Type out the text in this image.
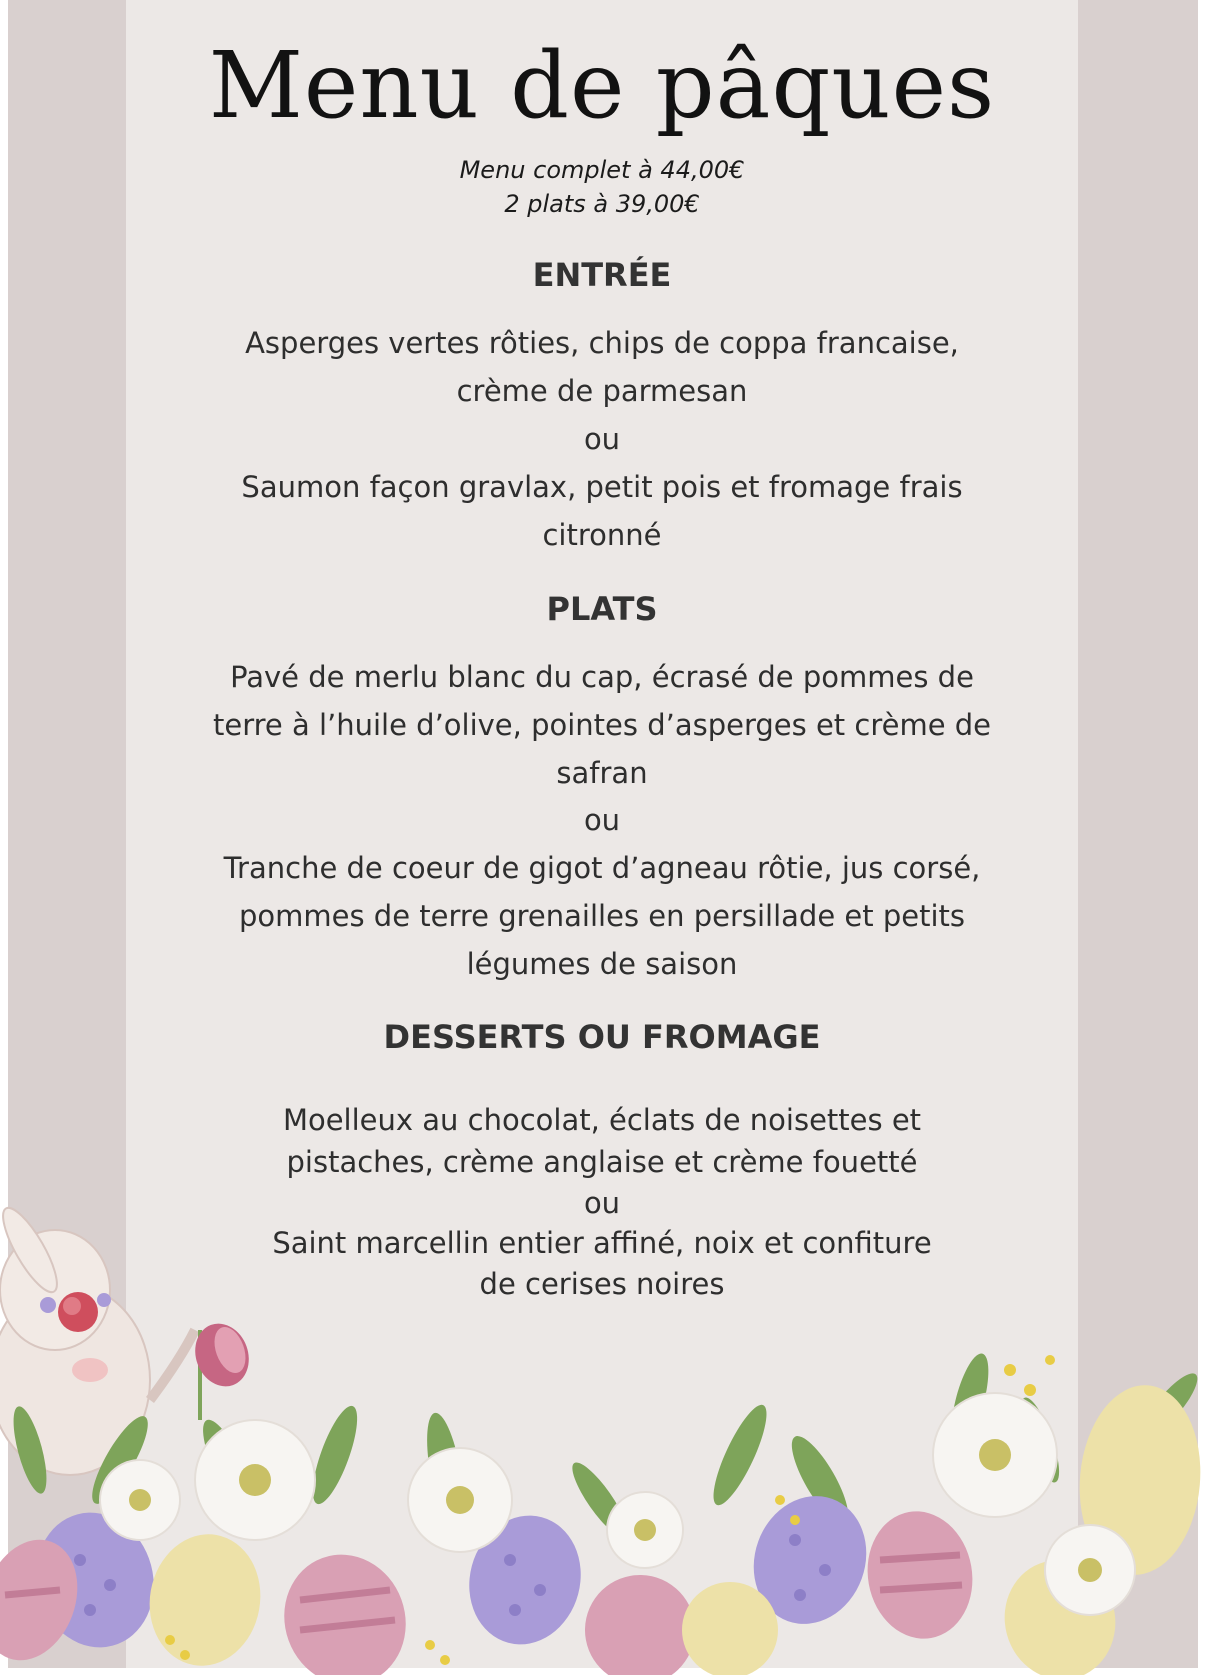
Menu de pâques

Menu complet à 44,00€

2 plats à 39,00€

ENTRÉE

Asperges vertes rôties, chips de coppa francaise,

crème de parmesan

ou

Saumon façon gravlax, petit pois et fromage frais

citronné

PLATS

Pavé de merlu blanc du cap, écrasé de pommes de

terre à l’huile d’olive, pointes d’asperges et crème de

safran

ou

Tranche de coeur de gigot d’agneau rôtie, jus corsé,

pommes de terre grenailles en persillade et petits

légumes de saison

DESSERTS OU FROMAGE

Moelleux au chocolat, éclats de noisettes et

pistaches, crème anglaise et crème fouetté

ou

Saint marcellin entier affiné, noix et confiture

de cerises noires
